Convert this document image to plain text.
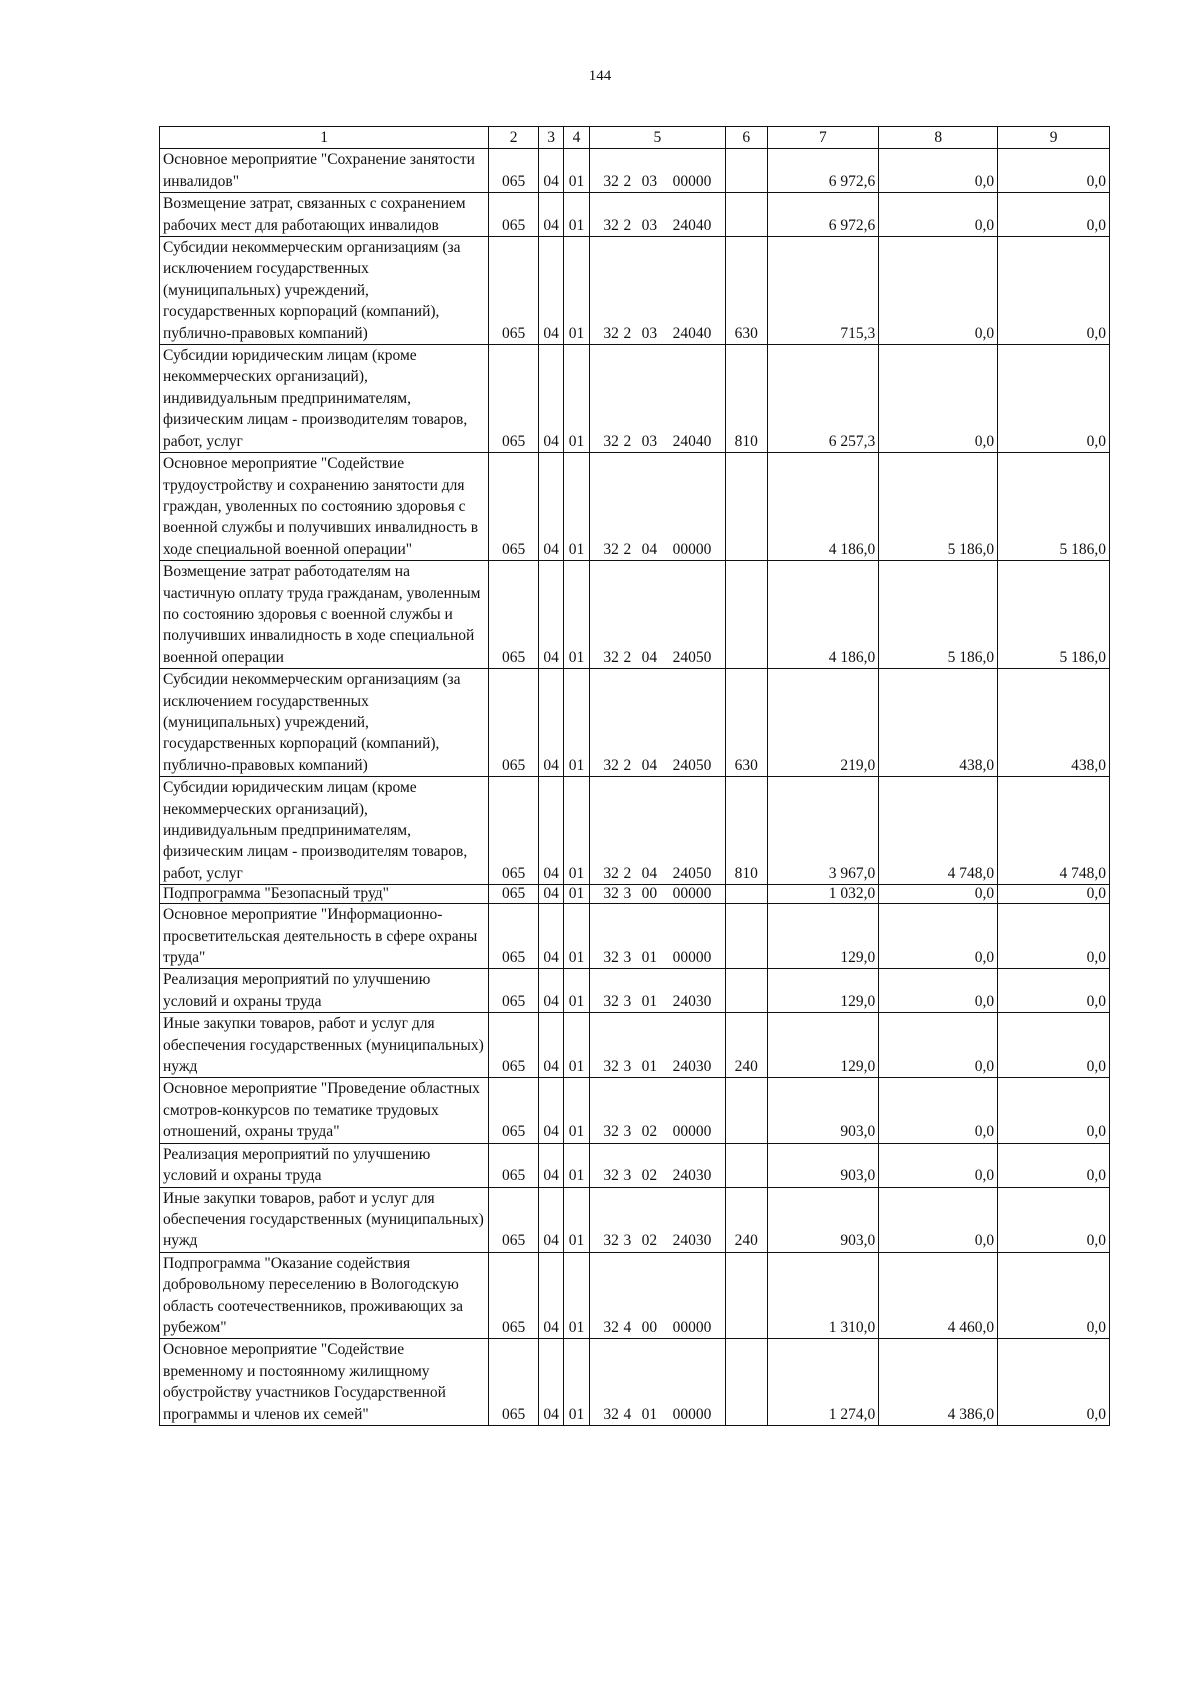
144
1	2	3	4	5	6	7	8	9
Основное мероприятие "Сохранение занятости инвалидов"	065	04	01	32 2 03 00000		6 972,6	0,0	0,0
Возмещение затрат, связанных с сохранением рабочих мест для работающих инвалидов	065	04	01	32 2 03 24040		6 972,6	0,0	0,0
Субсидии некоммерческим организациям (за исключением государственных (муниципальных) учреждений, государственных корпораций (компаний), публично-правовых компаний)	065	04	01	32 2 03 24040	630	715,3	0,0	0,0
Субсидии юридическим лицам (кроме некоммерческих организаций), индивидуальным предпринимателям, физическим лицам - производителям товаров, работ, услуг	065	04	01	32 2 03 24040	810	6 257,3	0,0	0,0
Основное мероприятие "Содействие трудоустройству и сохранению занятости для граждан, уволенных по состоянию здоровья с военной службы и получивших инвалидность в ходе специальной военной операции"	065	04	01	32 2 04 00000		4 186,0	5 186,0	5 186,0
Возмещение затрат работодателям на частичную оплату труда гражданам, уволенным по состоянию здоровья с военной службы и получивших инвалидность в ходе специальной военной операции	065	04	01	32 2 04 24050		4 186,0	5 186,0	5 186,0
Субсидии некоммерческим организациям (за исключением государственных (муниципальных) учреждений, государственных корпораций (компаний), публично-правовых компаний)	065	04	01	32 2 04 24050	630	219,0	438,0	438,0
Субсидии юридическим лицам (кроме некоммерческих организаций), индивидуальным предпринимателям, физическим лицам - производителям товаров, работ, услуг	065	04	01	32 2 04 24050	810	3 967,0	4 748,0	4 748,0
Подпрограмма "Безопасный труд"	065	04	01	32 3 00 00000		1 032,0	0,0	0,0
Основное мероприятие "Информационно-просветительская деятельность в сфере охраны труда"	065	04	01	32 3 01 00000		129,0	0,0	0,0
Реализация мероприятий по улучшению условий и охраны труда	065	04	01	32 3 01 24030		129,0	0,0	0,0
Иные закупки товаров, работ и услуг для обеспечения государственных (муниципальных) нужд	065	04	01	32 3 01 24030	240	129,0	0,0	0,0
Основное мероприятие "Проведение областных смотров-конкурсов по тематике трудовых отношений, охраны труда"	065	04	01	32 3 02 00000		903,0	0,0	0,0
Реализация мероприятий по улучшению условий и охраны труда	065	04	01	32 3 02 24030		903,0	0,0	0,0
Иные закупки товаров, работ и услуг для обеспечения государственных (муниципальных) нужд	065	04	01	32 3 02 24030	240	903,0	0,0	0,0
Подпрограмма "Оказание содействия добровольному переселению в Вологодскую область соотечественников, проживающих за рубежом"	065	04	01	32 4 00 00000		1 310,0	4 460,0	0,0
Основное мероприятие "Содействие временному и постоянному жилищному обустройству участников Государственной программы и членов их семей"	065	04	01	32 4 01 00000		1 274,0	4 386,0	0,0
